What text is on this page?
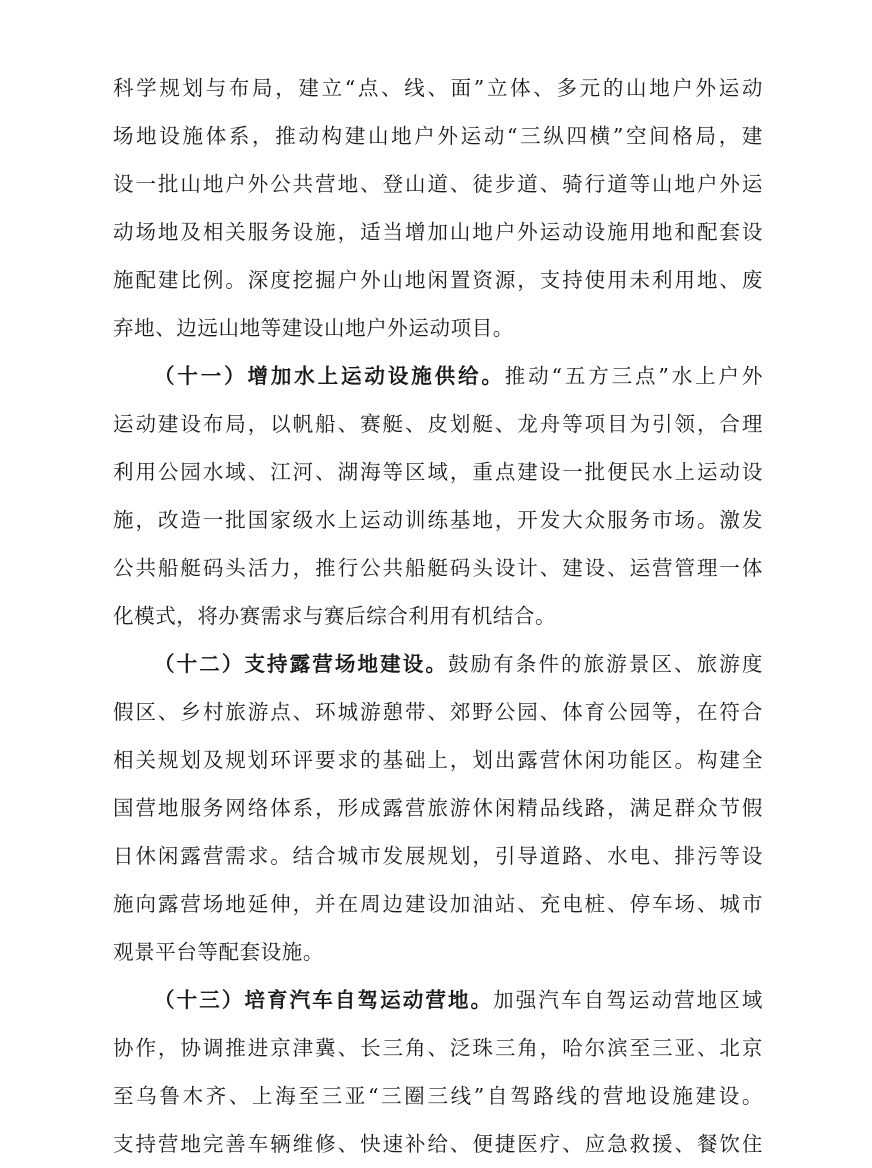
科学规划与布局，建立“点、线、面”立体、多元的山地户外运动
场地设施体系，推动构建山地户外运动“三纵四横”空间格局，建
设一批山地户外公共营地、登山道、徒步道、骑行道等山地户外运
动场地及相关服务设施，适当增加山地户外运动设施用地和配套设
施配建比例。深度挖掘户外山地闲置资源，支持使用未利用地、废
弃地、边远山地等建设山地户外运动项目。
（十一）增加水上运动设施供给。推动“五方三点”水上户外
运动建设布局，以帆船、赛艇、皮划艇、龙舟等项目为引领，合理
利用公园水域、江河、湖海等区域，重点建设一批便民水上运动设
施，改造一批国家级水上运动训练基地，开发大众服务市场。激发
公共船艇码头活力，推行公共船艇码头设计、建设、运营管理一体
化模式，将办赛需求与赛后综合利用有机结合。
（十二）支持露营场地建设。鼓励有条件的旅游景区、旅游度
假区、乡村旅游点、环城游憩带、郊野公园、体育公园等，在符合
相关规划及规划环评要求的基础上，划出露营休闲功能区。构建全
国营地服务网络体系，形成露营旅游休闲精品线路，满足群众节假
日休闲露营需求。结合城市发展规划，引导道路、水电、排污等设
施向露营场地延伸，并在周边建设加油站、充电桩、停车场、城市
观景平台等配套设施。
（十三）培育汽车自驾运动营地。加强汽车自驾运动营地区域
协作，协调推进京津冀、长三角、泛珠三角，哈尔滨至三亚、北京
至乌鲁木齐、上海至三亚“三圈三线”自驾路线的营地设施建设。
支持营地完善车辆维修、快速补给、便捷医疗、应急救援、餐饮住
